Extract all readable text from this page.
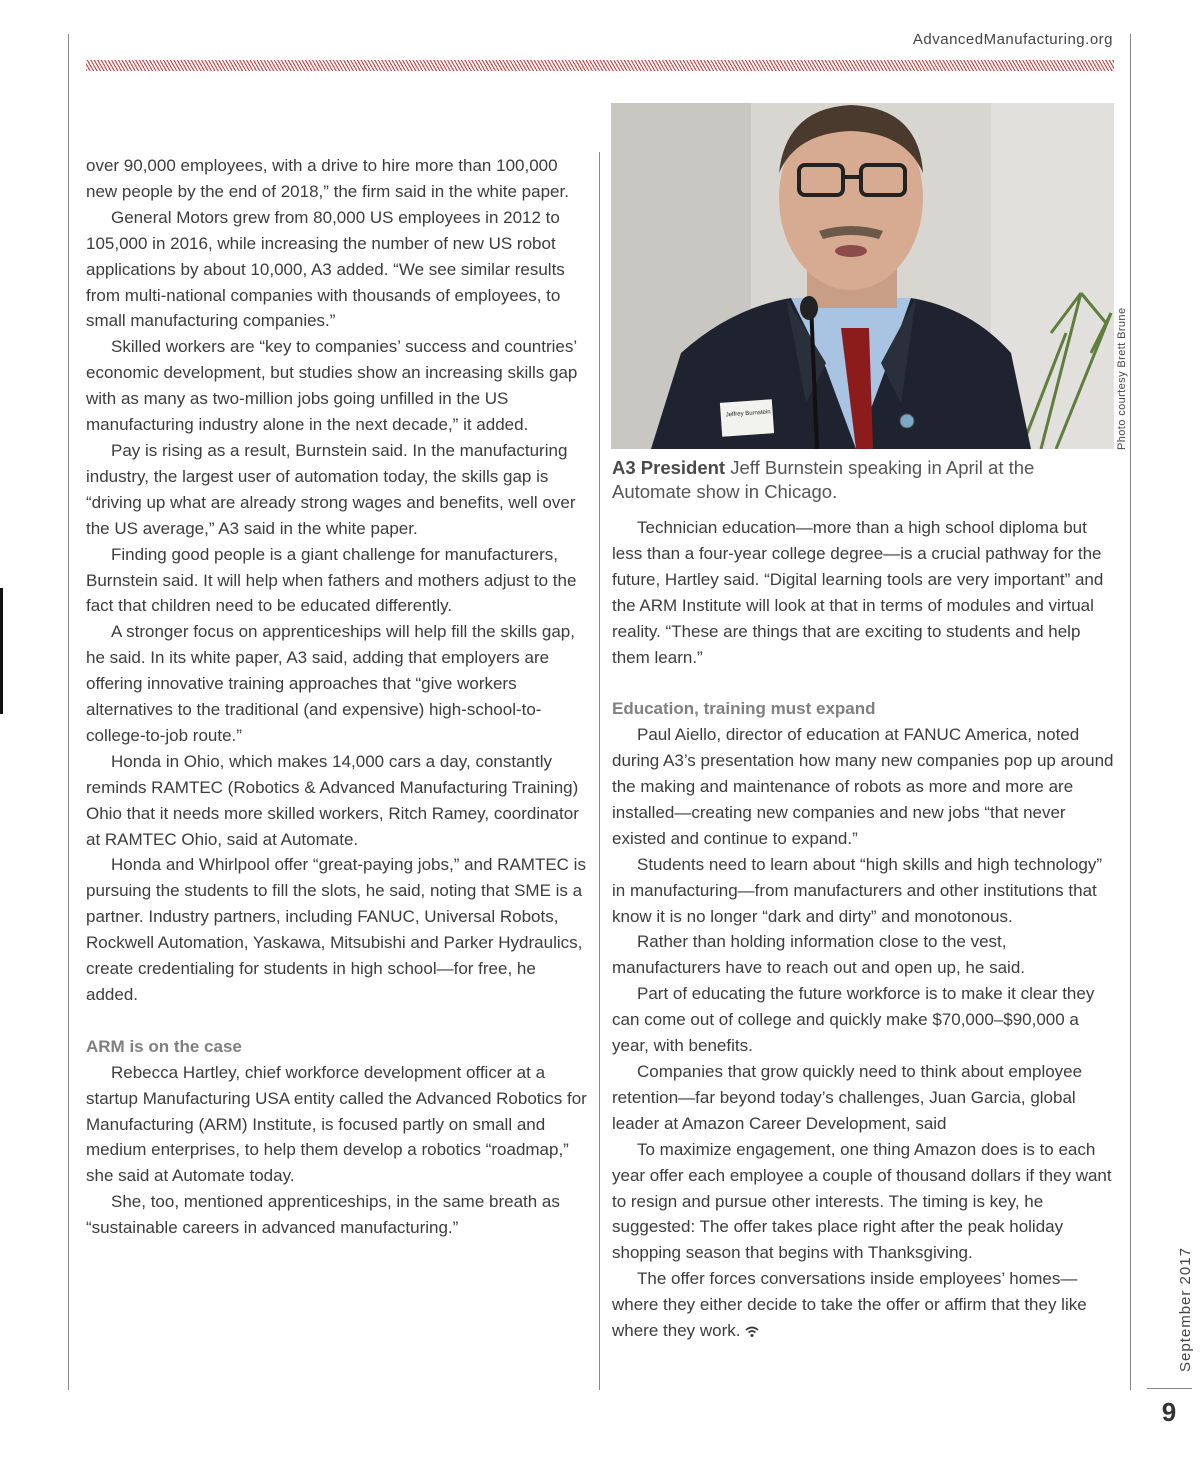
AdvancedManufacturing.org
Jeffrey Burnstein	Photo courtesy Brett Brune
A3 President Jeff Burnstein speaking in April at the Automate show in Chicago.

over 90,000 employees, with a drive to hire more than 100,000 new people by the end of 2018,” the firm said in the white paper.

General Motors grew from 80,000 US employees in 2012 to 105,000 in 2016, while increasing the number of new US robot applications by about 10,000, A3 added. “We see similar results from multi-national companies with thousands of employees, to small manufacturing companies.”

Skilled workers are “key to companies’ success and countries’ economic development, but studies show an increasing skills gap with as many as two-million jobs going unfilled in the US manufacturing industry alone in the next decade,” it added.

Pay is rising as a result, Burnstein said. In the manufacturing industry, the largest user of automation today, the skills gap is “driving up what are already strong wages and benefits, well over the US average,” A3 said in the white paper.

Finding good people is a giant challenge for manufacturers, Burnstein said. It will help when fathers and mothers adjust to the fact that children need to be educated differently.

A stronger focus on apprenticeships will help fill the skills gap, he said. In its white paper, A3 said, adding that employers are offering innovative training approaches that “give workers alternatives to the traditional (and expensive) high-school-to-college-to-job route.”

Honda in Ohio, which makes 14,000 cars a day, constantly reminds RAMTEC (Robotics & Advanced Manufacturing Training) Ohio that it needs more skilled workers, Ritch Ramey, coordinator at RAMTEC Ohio, said at Automate.

Honda and Whirlpool offer “great-paying jobs,” and RAMTEC is pursuing the students to fill the slots, he said, noting that SME is a partner. Industry partners, including FANUC, Universal Robots, Rockwell Automation, Yaskawa, Mitsubishi and Parker Hydraulics, create credentialing for students in high school—for free, he added.

ARM is on the case

Rebecca Hartley, chief workforce development officer at a startup Manufacturing USA entity called the Advanced Robotics for Manufacturing (ARM) Institute, is focused partly on small and medium enterprises, to help them develop a robotics “roadmap,” she said at Automate today.

She, too, mentioned apprenticeships, in the same breath as “sustainable careers in advanced manufacturing.”

Technician education—more than a high school diploma but less than a four-year college degree—is a crucial pathway for the future, Hartley said. “Digital learning tools are very important” and the ARM Institute will look at that in terms of modules and virtual reality. “These are things that are exciting to students and help them learn.”

Education, training must expand

Paul Aiello, director of education at FANUC America, noted during A3’s presentation how many new companies pop up around the making and maintenance of robots as more and more are installed—creating new companies and new jobs “that never existed and continue to expand.”

Students need to learn about “high skills and high technology” in manufacturing—from manufacturers and other institutions that know it is no longer “dark and dirty” and monotonous.

Rather than holding information close to the vest, manufacturers have to reach out and open up, he said.

Part of educating the future workforce is to make it clear they can come out of college and quickly make $70,000–$90,000 a year, with benefits.

Companies that grow quickly need to think about employee retention—far beyond today’s challenges, Juan Garcia, global leader at Amazon Career Development, said

To maximize engagement, one thing Amazon does is to each year offer each employee a couple of thousand dollars if they want to resign and pursue other interests. The timing is key, he suggested: The offer takes place right after the peak holiday shopping season that begins with Thanksgiving.

The offer forces conversations inside employees’ homes—where they either decide to take the offer or affirm that they like where they work.	September 2017
9
